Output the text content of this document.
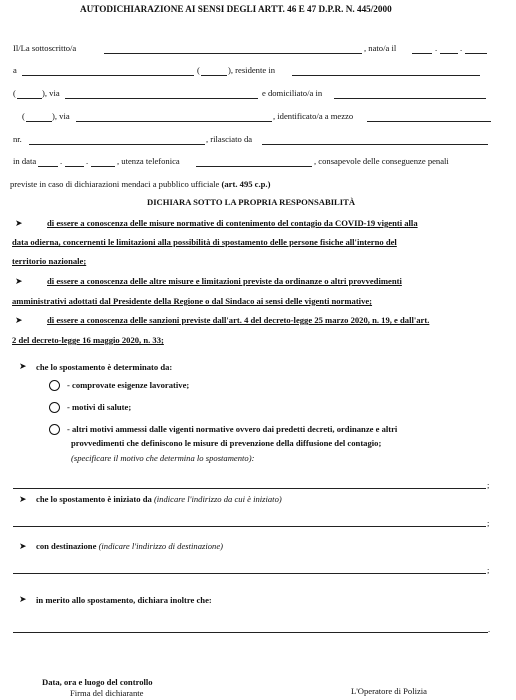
AUTODICHIARAZIONE AI SENSI DEGLI ARTT. 46 E 47 D.P.R. N. 445/2000
Il/La sottoscritto/a	, nato/a il	.	.
a	(	), residente in
(	), via	e domiciliato/a in
(	), via	, identificato/a a mezzo
nr.	, rilasciato da
in data	.	.	, utenza telefonica	, consapevole delle conseguenze penali
previste in caso di dichiarazioni mendaci a pubblico ufficiale (art. 495 c.p.)
DICHIARA SOTTO LA PROPRIA RESPONSABILITÀ
➤	di essere a conoscenza delle misure normative di contenimento del contagio da COVID-19 vigenti alla
data odierna, concernenti le limitazioni alla possibilità di spostamento delle persone fisiche all'interno del
territorio nazionale;
➤	di essere a conoscenza delle altre misure e limitazioni previste da ordinanze o altri provvedimenti
amministrativi adottati dal Presidente della Regione o dal Sindaco ai sensi delle vigenti normative;
➤	di essere a conoscenza delle sanzioni previste dall'art. 4 del decreto-legge 25 marzo 2020, n. 19, e dall'art.
2 del decreto-legge 16 maggio 2020, n. 33;
➤ che lo spostamento è determinato da:
- comprovate esigenze lavorative;
- motivi di salute;
- altri motivi ammessi dalle vigenti normative ovvero dai predetti decreti, ordinanze e altri
provvedimenti che definiscono le misure di prevenzione della diffusione del contagio;
(specificare il motivo che determina lo spostamento):
;
➤ che lo spostamento è iniziato da (indicare l'indirizzo da cui è iniziato)
;
➤ con destinazione (indicare l'indirizzo di destinazione)
;
➤ in merito allo spostamento, dichiara inoltre che:
.
Data, ora e luogo del controllo
Firma del dichiarante	L'Operatore di Polizia
